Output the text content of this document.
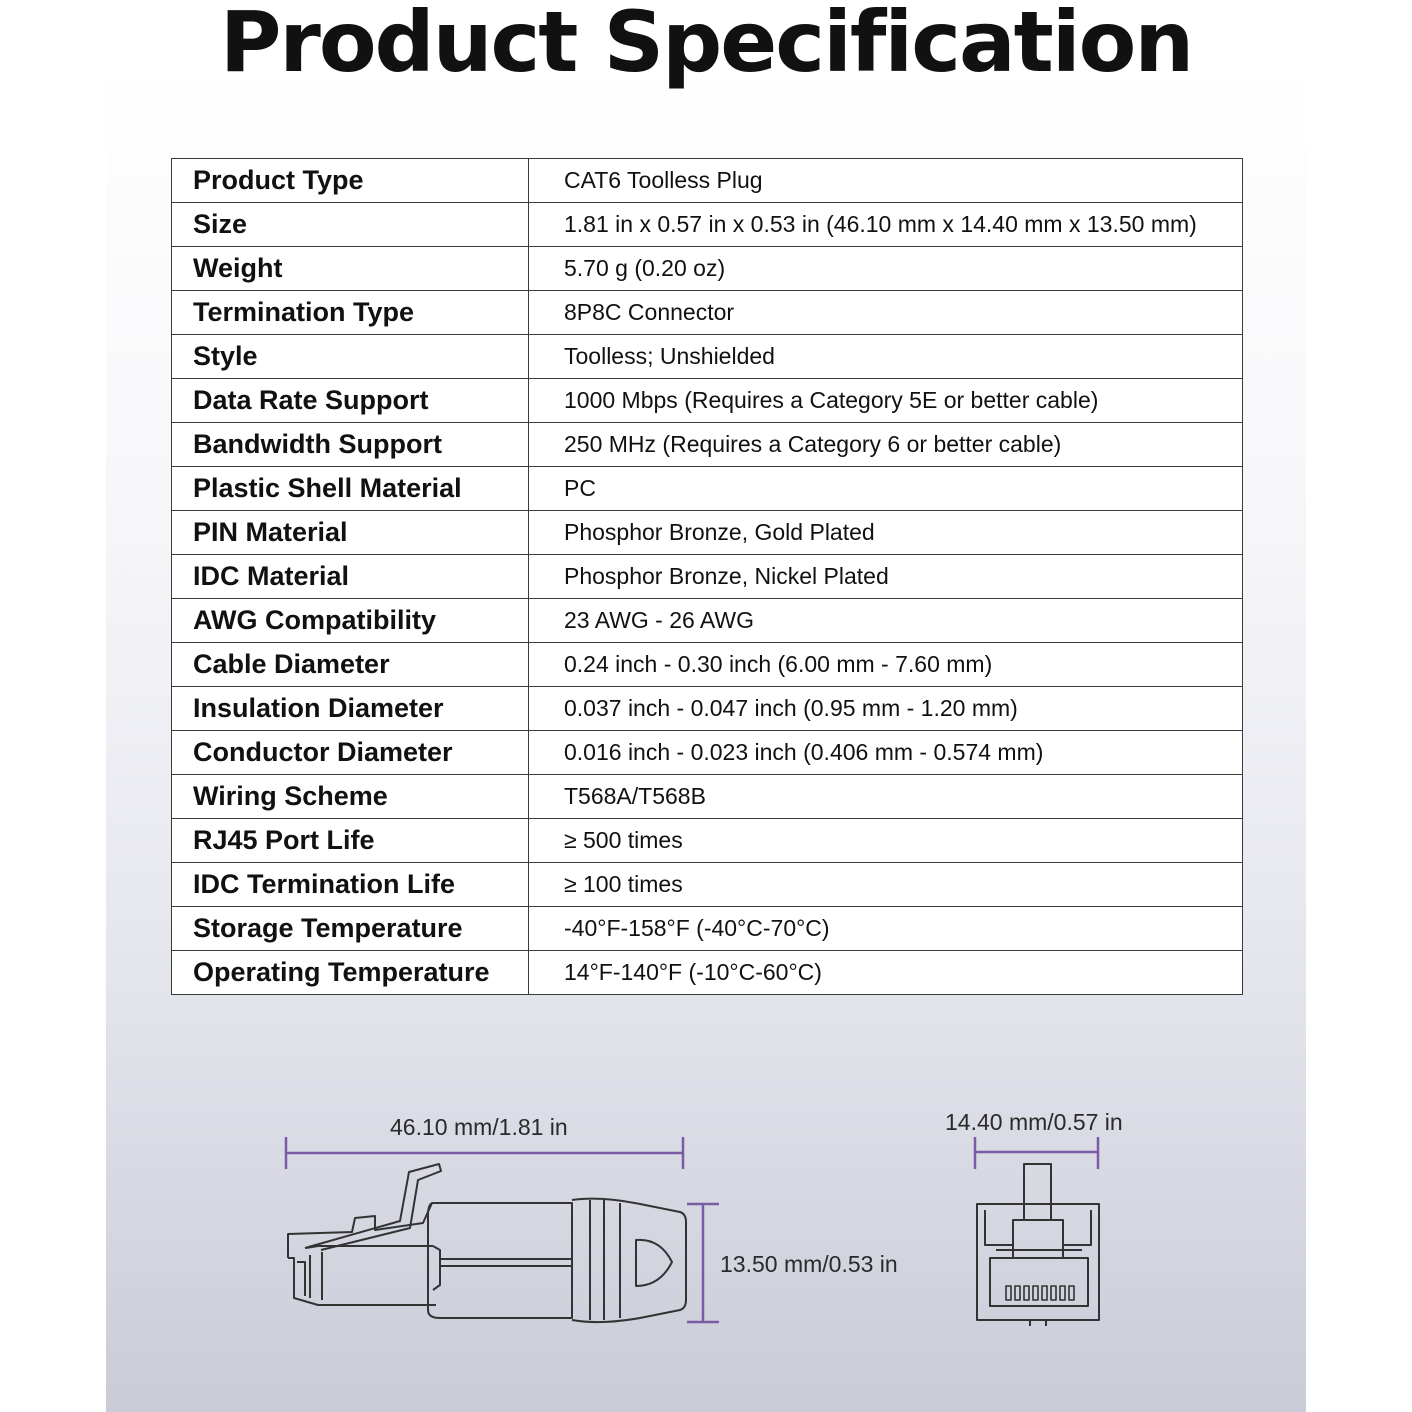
Product Specification
Product Type	CAT6 Toolless Plug
Size	1.81 in x 0.57 in x 0.53 in (46.10 mm x 14.40 mm x 13.50 mm)
Weight	5.70 g (0.20 oz)
Termination Type	8P8C Connector
Style	Toolless; Unshielded
Data Rate Support	1000 Mbps (Requires a Category 5E or better cable)
Bandwidth Support	250 MHz (Requires a Category 6 or better cable)
Plastic Shell Material	PC
PIN Material	Phosphor Bronze, Gold Plated
IDC Material	Phosphor Bronze, Nickel Plated
AWG Compatibility	23 AWG - 26 AWG
Cable Diameter	0.24 inch - 0.30 inch (6.00 mm - 7.60 mm)
Insulation Diameter	0.037 inch - 0.047 inch (0.95 mm - 1.20 mm)
Conductor Diameter	0.016 inch - 0.023 inch (0.406 mm - 0.574 mm)
Wiring Scheme	T568A/T568B
RJ45 Port Life	≥ 500 times
IDC Termination Life	≥ 100 times
Storage Temperature	-40°F-158°F (-40°C-70°C)
Operating Temperature	14°F-140°F (-10°C-60°C)
46.10 mm/1.81 in
13.50 mm/0.53 in
14.40 mm/0.57 in
